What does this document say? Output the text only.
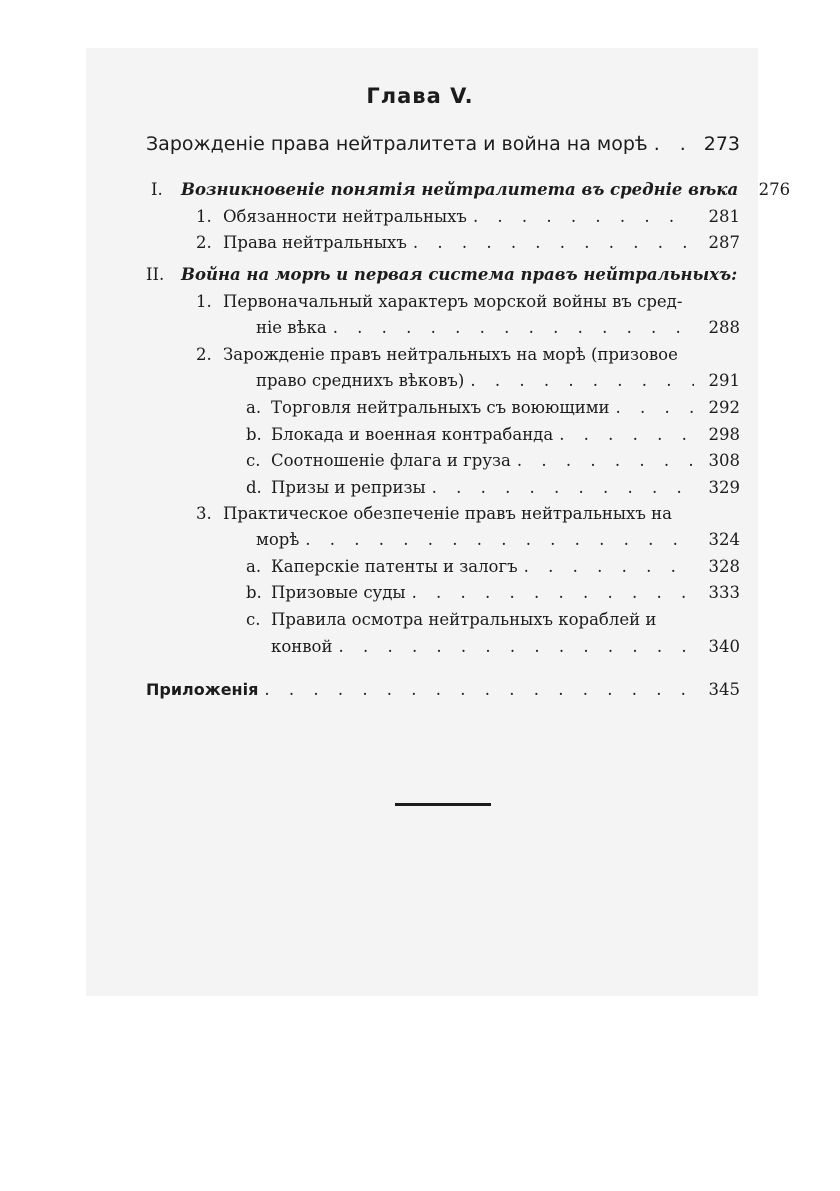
Глава V.
Зарожденіе права нейтралитета и война на морѣ . . .	273
I. Возникновеніе понятія нейтралитета въ средніе вѣка	276
1. Обязанности нейтральныхъ . . .	281
2. Права нейтральныхъ . . .	287
II. Война на морѣ и первая система правъ нейтральныхъ:
1. Первоначальный характеръ морской войны въ сред-
ніе вѣка . . .	288
2. Зарожденіе правъ нейтральныхъ на морѣ (призовое
право среднихъ вѣковъ) . . .	291
a. Торговля нейтральныхъ съ воюющими . . .	292
b. Блокада и военная контрабанда . . .	298
c. Соотношеніе флага и груза . . .	308
d. Призы и репризы . . .	329
3. Практическое обезпеченіе правъ нейтральныхъ на
морѣ . . .	324
a. Каперскіе патенты и залогъ . . .	328
b. Призовые суды . . .	333
c. Правила осмотра нейтральныхъ кораблей и
конвой . . .	340
Приложенія . . .	345
